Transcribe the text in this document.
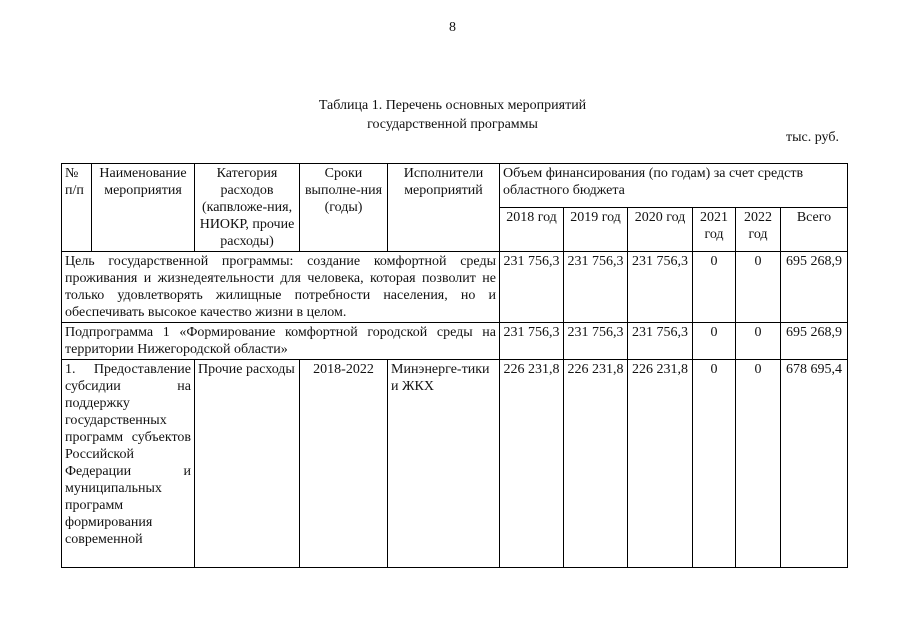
8
Таблица 1. Перечень основных мероприятий
государственной программы
тыс. руб.
№ п/п	Наименование мероприятия	Категория расходов (капвложе-ния, НИОКР, прочие расходы)	Сроки выполне-ния (годы)	Исполнители мероприятий	Объем финансирования (по годам) за счет средств областного бюджета					
					2018 год	2019 год	2020 год	2021 год	2022 год	Всего
Цель государственной программы: создание комфортной среды проживания и жизнедеятельности для человека, которая позволит не только удовлетворять жилищные потребности населения, но и обеспечивать высокое качество жизни в целом.					231 756,3	231 756,3	231 756,3	0	0	695 268,9
Подпрограмма 1 «Формирование комфортной городской среды на территории Нижегородской области»					231 756,3	231 756,3	231 756,3	0	0	695 268,9
1. Предоставление субсидии на поддержку государственных программ субъектов Российской Федерации и муниципальных программ формирования современной		Прочие расходы	2018-2022	Минэнерге-тики и ЖКХ	226 231,8	226 231,8	226 231,8	0	0	678 695,4
